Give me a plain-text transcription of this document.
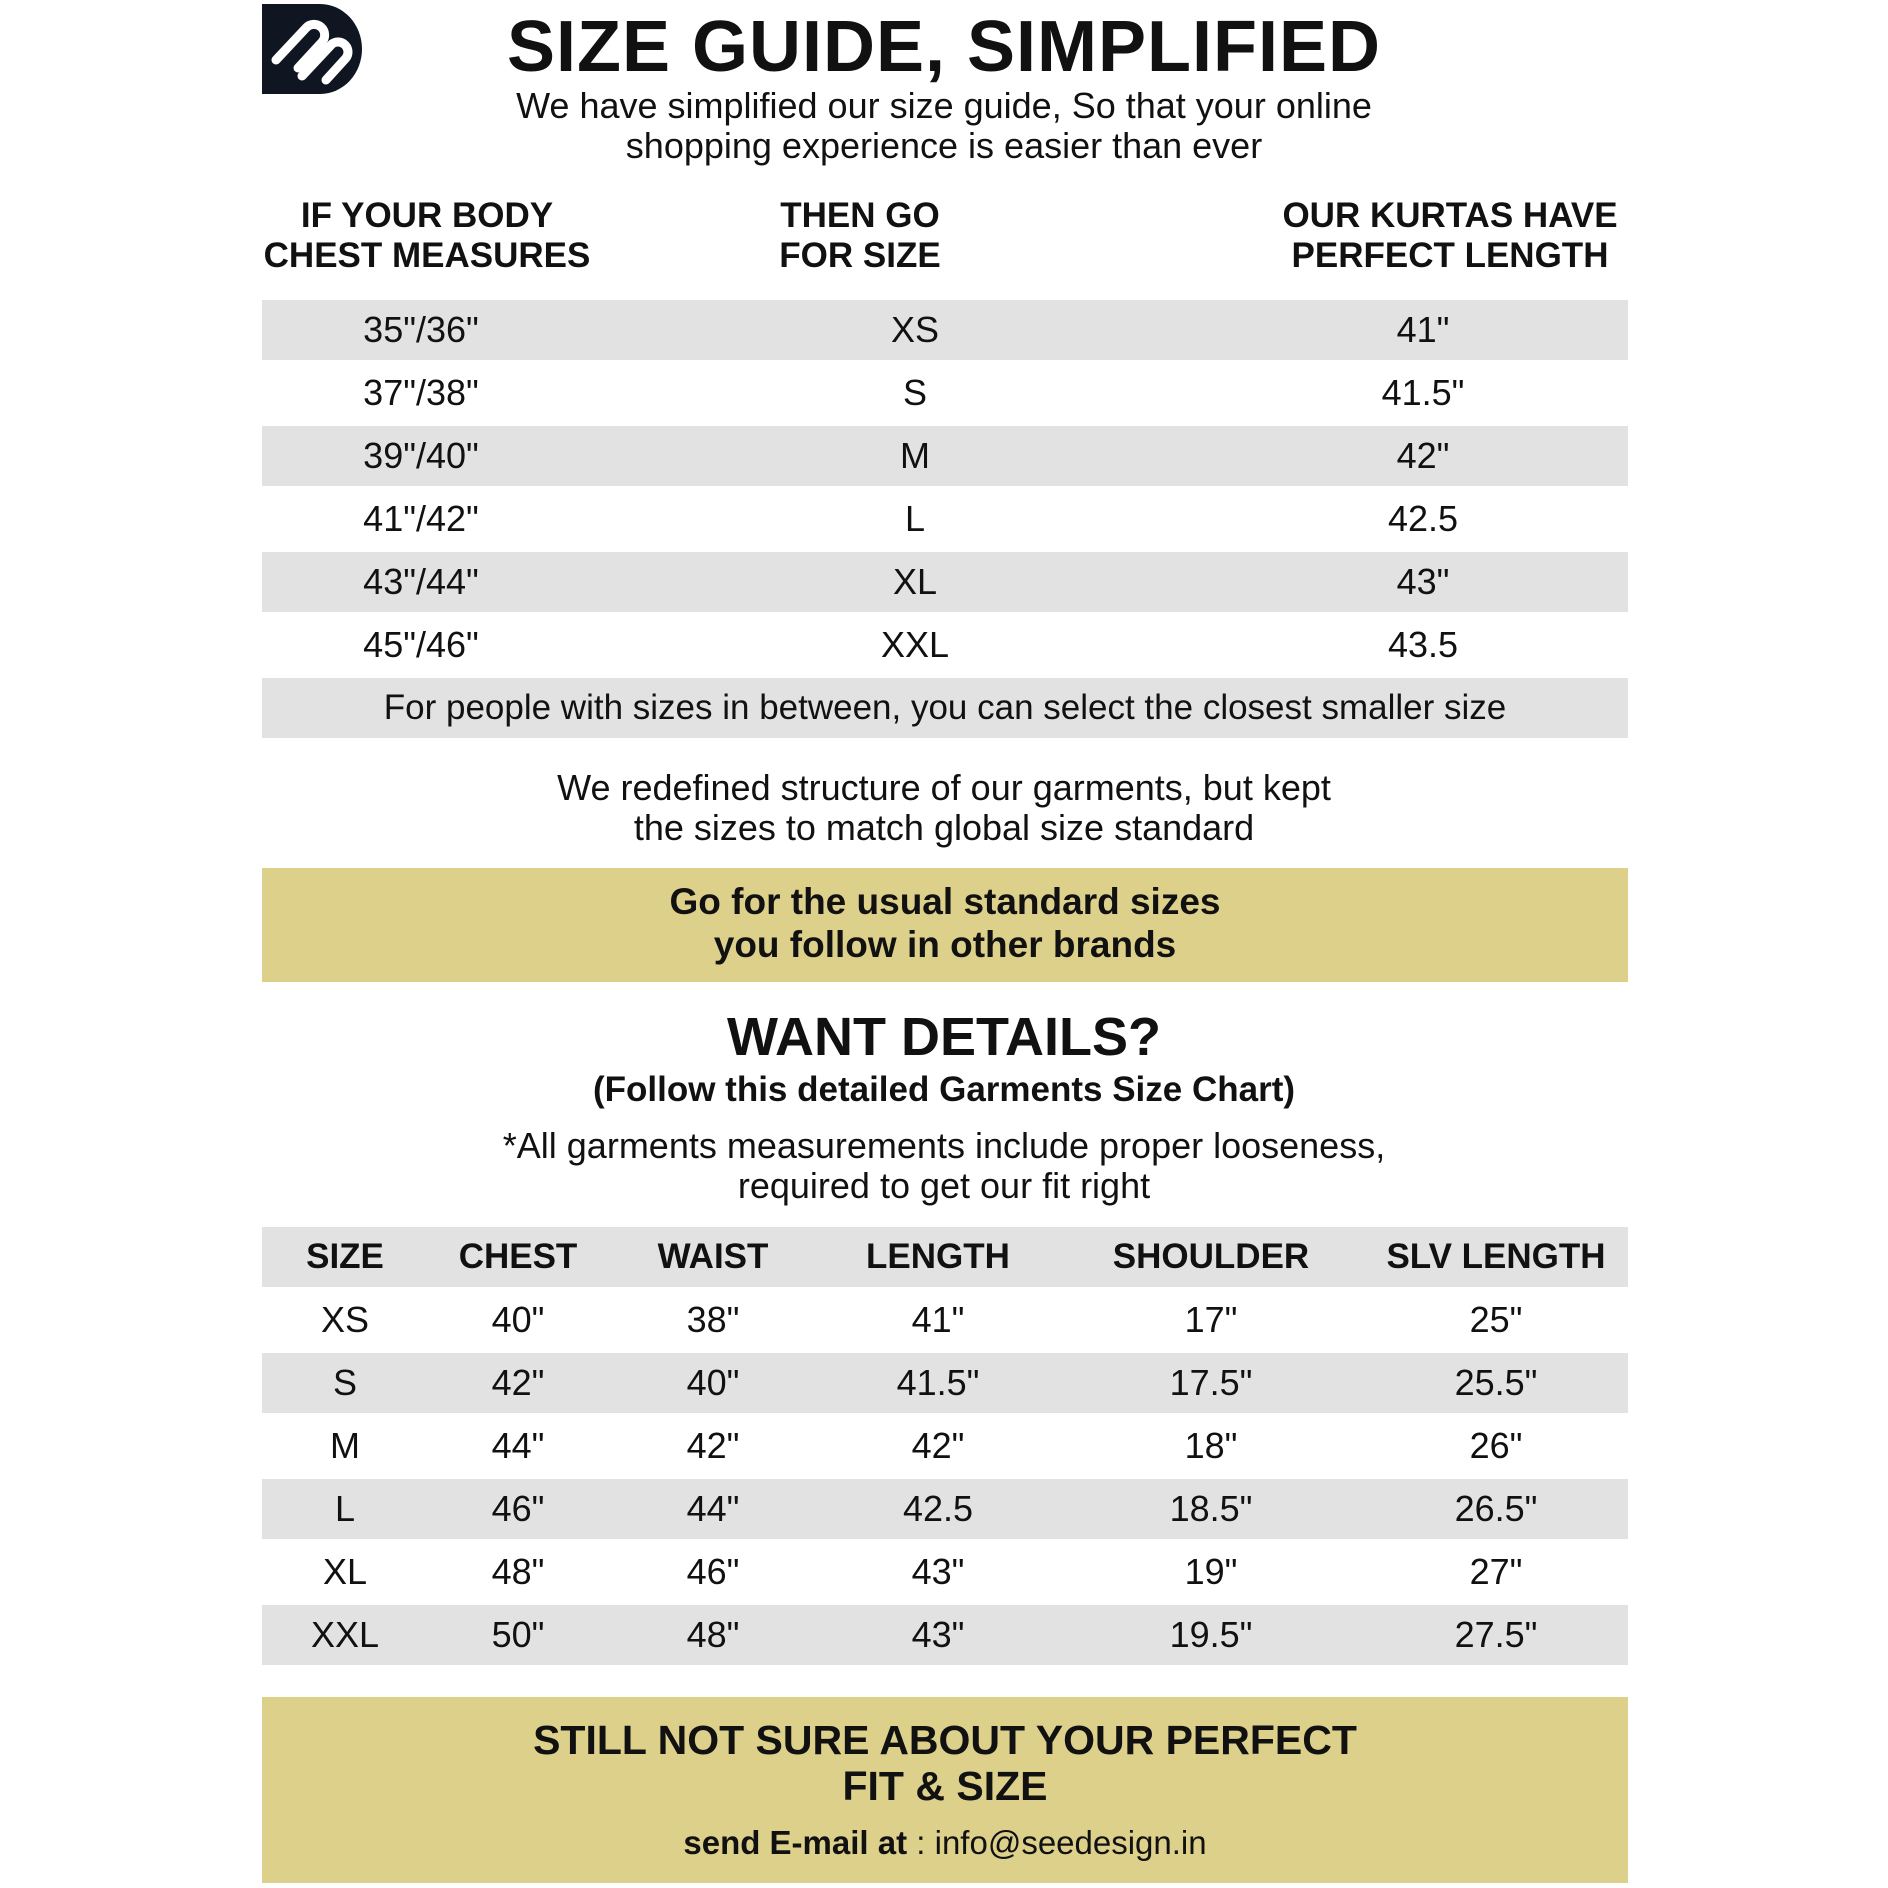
SIZE GUIDE, SIMPLIFIED
We have simplified our size guide, So that your online
shopping experience is easier than ever
IF YOUR BODY
CHEST MEASURES
THEN GO
FOR SIZE
OUR KURTAS HAVE
PERFECT LENGTH
35"/36"	XS	41"
37"/38"	S	41.5"
39"/40"	M	42"
41"/42"	L	42.5
43"/44"	XL	43"
45"/46"	XXL	43.5
For people with sizes in between, you can select the closest smaller size
We redefined structure of our garments, but kept
the sizes to match global size standard
Go for the usual standard sizes
you follow in other brands
WANT DETAILS?
(Follow this detailed Garments Size Chart)
*All garments measurements include proper looseness,
required to get our fit right
SIZE	CHEST	WAIST	LENGTH	SHOULDER	SLV LENGTH
XS	40"	38"	41"	17"	25"
S	42"	40"	41.5"	17.5"	25.5"
M	44"	42"	42"	18"	26"
L	46"	44"	42.5	18.5"	26.5"
XL	48"	46"	43"	19"	27"
XXL	50"	48"	43"	19.5"	27.5"
STILL NOT SURE ABOUT YOUR PERFECT
FIT & SIZE
send E-mail at : info@seedesign.in
